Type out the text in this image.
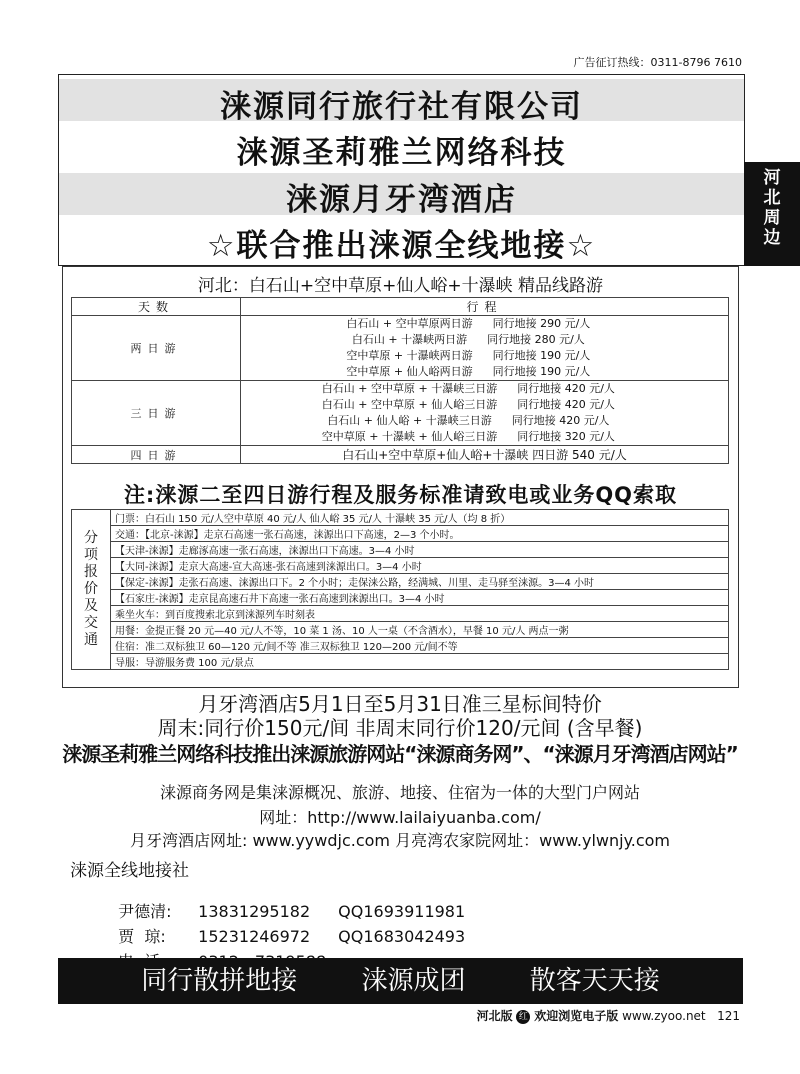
广告征订热线：0311-8796 7610
涞源同行旅行社有限公司
涞源圣莉雅兰网络科技
涞源月牙湾酒店
☆联合推出涞源全线地接☆
河
北
周
边
河北：白石山+空中草原+仙人峪+十瀑峡 精品线路游
天数	行程
两日游	白石山 + 空中草原两日游 同行地接 290 元/人
白石山 + 十瀑峡两日游 同行地接 280 元/人
空中草原 + 十瀑峡两日游 同行地接 190 元/人
空中草原 + 仙人峪两日游 同行地接 190 元/人

三日游	白石山 + 空中草原 + 十瀑峡三日游 同行地接 420 元/人
白石山 + 空中草原 + 仙人峪三日游 同行地接 420 元/人
白石山 + 仙人峪 + 十瀑峡三日游 同行地接 420 元/人
空中草原 + 十瀑峡 + 仙人峪三日游 同行地接 320 元/人

四日游	白石山+空中草原+仙人峪+十瀑峡 四日游 540 元/人
注:涞源二至四日游行程及服务标准请致电或业务QQ索取
分
项
报
价
及
交
通	门票：白石山 150 元/人空中草原 40 元/人 仙人峪 35 元/人 十瀑峡 35 元/人（均 8 折）
交通：【北京-涞源】走京石高速一张石高速，涞源出口下高速，2—3 个小时。
【天津-涞源】走廊涿高速一张石高速，涞源出口下高速。3—4 小时
【大同-涞源】走京大高速-宣大高速-张石高速到涞源出口。3—4 小时
【保定-涞源】走张石高速、涞源出口下。2 个小时；走保涞公路，经满城、川里、走马驿至涞源。3—4 小时
【石家庄-涞源】走京昆高速石井下高速一张石高速到涞源出口。3—4 小时
乘坐火车：到百度搜索北京到涞源列车时刻表
用餐：金提正餐 20 元—40 元/人不等，10 菜 1 汤、10 人一桌（不含酒水），早餐 10 元/人 两点一粥
住宿：准二双标独卫 60—120 元/间不等 准三双标独卫 120—200 元/间不等
导服：导游服务费 100 元/景点
月牙湾酒店5月1日至5月31日准三星标间特价
周末:同行价150元/间 非周末同行价120/元间 (含早餐)
涞源圣莉雅兰网络科技推出涞源旅游网站“涞源商务网”、“涞源月牙湾酒店网站”
涞源商务网是集涞源概况、旅游、地接、住宿为一体的大型门户网站
网址：http://www.lailaiyuanba.com/
月牙湾酒店网址: www.yywdjc.com 月亮湾农家院网址：www.ylwnjy.com
涞源全线地接社

尹德清: 13831295182 QQ1693911981

贾  琼: 15231246972 QQ1683042493

同行散拼地接 涞源成团 散客天天接
河北版 红 欢迎浏览电子版 www.zyoo.net 121
